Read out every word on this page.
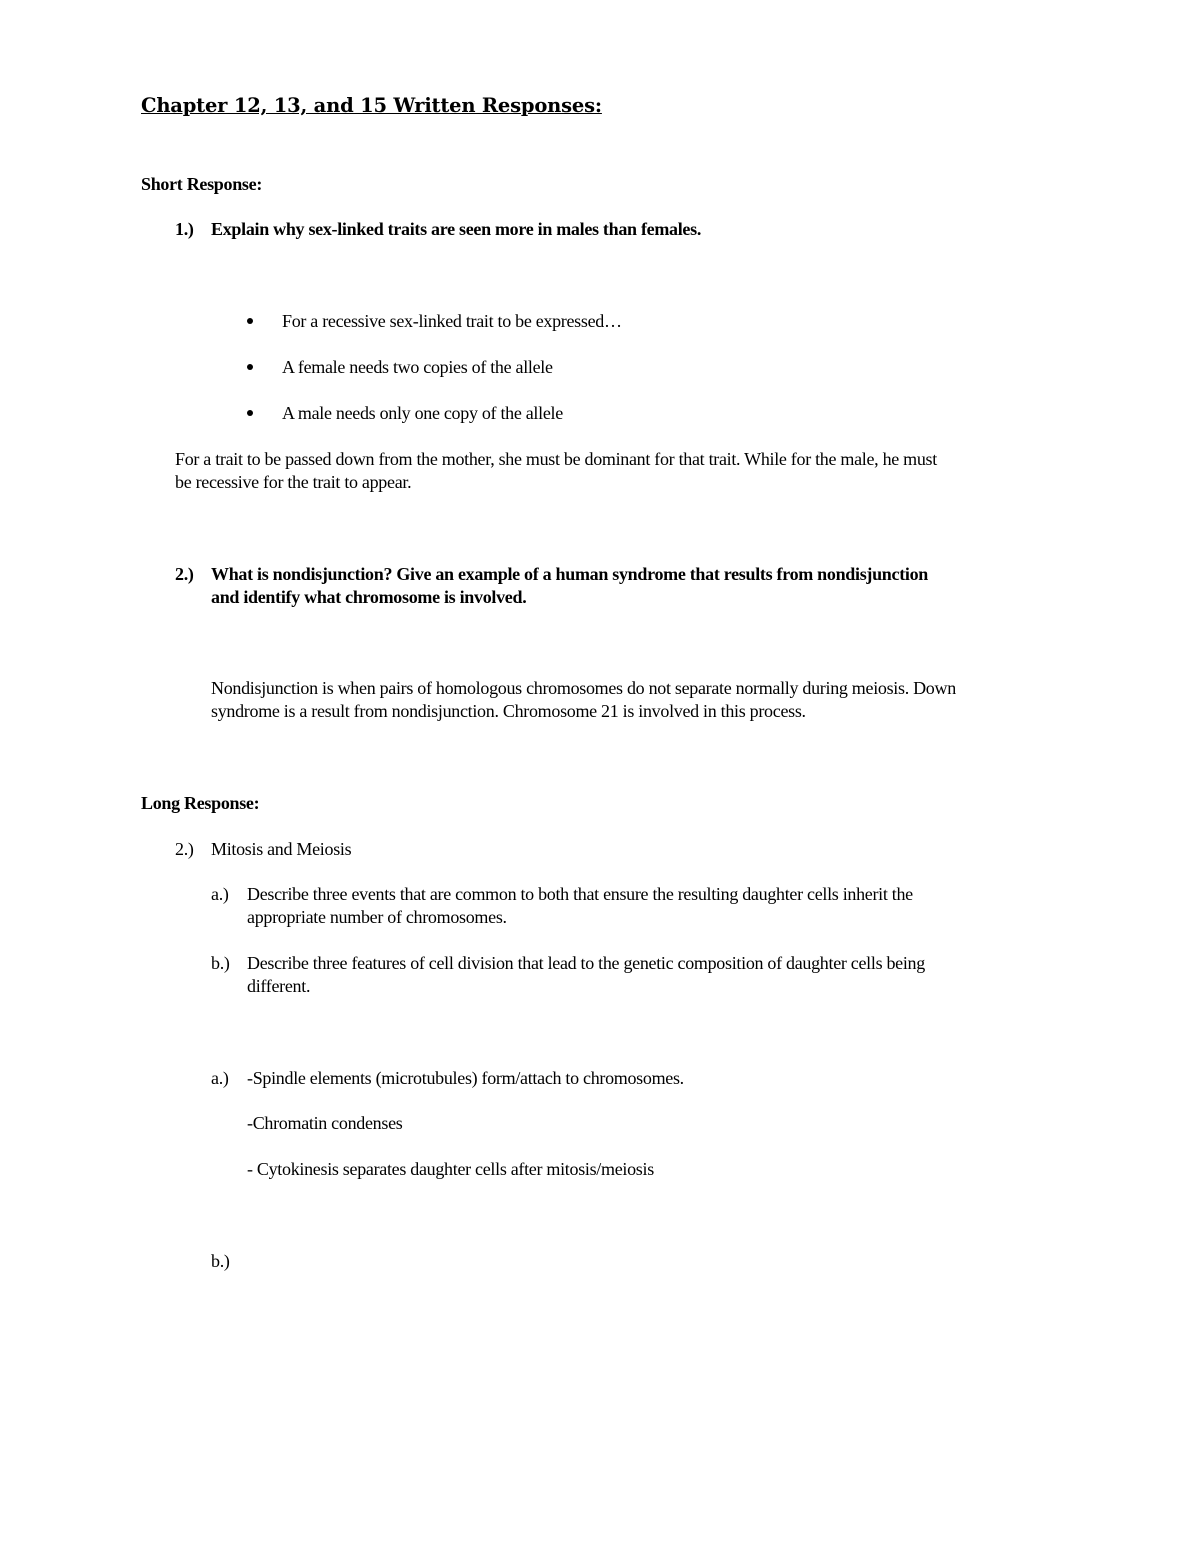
Chapter 12, 13, and 15 Written Responses:
Short Response:
1.) Explain why sex-linked traits are seen more in males than females.
For a recessive sex-linked trait to be expressed…
A female needs two copies of the allele
A male needs only one copy of the allele
For a trait to be passed down from the mother, she must be dominant for that trait. While for the male, he must
be recessive for the trait to appear.
2.) What is nondisjunction? Give an example of a human syndrome that results from nondisjunction
and identify what chromosome is involved.
Nondisjunction is when pairs of homologous chromosomes do not separate normally during meiosis. Down
syndrome is a result from nondisjunction. Chromosome 21 is involved in this process.
Long Response:
2.) Mitosis and Meiosis
a.) Describe three events that are common to both that ensure the resulting daughter cells inherit the
appropriate number of chromosomes.
b.) Describe three features of cell division that lead to the genetic composition of daughter cells being
different.
a.) -Spindle elements (microtubules) form/attach to chromosomes.
-Chromatin condenses
- Cytokinesis separates daughter cells after mitosis/meiosis
b.)
